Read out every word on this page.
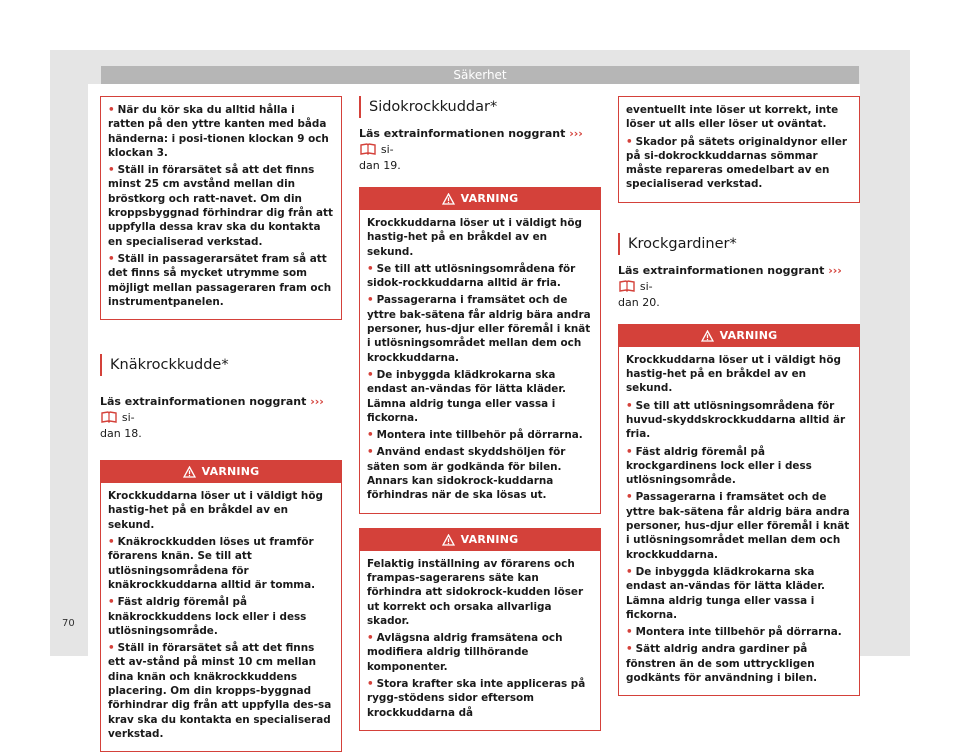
Säkerhet
• När du kör ska du alltid hålla i ratten på den yttre kanten med båda händerna: i posi-tionen klockan 9 och klockan 3.
• Ställ in förarsätet så att det finns minst 25 cm avstånd mellan din bröstkorg och ratt-navet. Om din kroppsbyggnad förhindrar dig från att uppfylla dessa krav ska du kontakta en specialiserad verkstad.
• Ställ in passagerarsätet fram så att det finns så mycket utrymme som möjligt mellan passageraren fram och instrumentpanelen.
Knäkrockkudde*
Läs extrainformationen noggrant ›››  si-
dan 18.
VARNING
Krockkuddarna löser ut i väldigt hög hastig-het på en bråkdel av en sekund.
• Knäkrockkudden löses ut framför förarens knän. Se till att utlösningsområdena för knäkrockkuddarna alltid är tomma.
• Fäst aldrig föremål på knäkrockkuddens lock eller i dess utlösningsområde.
• Ställ in förarsätet så att det finns ett av-stånd på minst 10 cm mellan dina knän och knäkrockkuddens placering. Om din kropps-byggnad förhindrar dig från att uppfylla des-sa krav ska du kontakta en specialiserad verkstad.
Sidokrockkuddar*
Läs extrainformationen noggrant ›››  si-
dan 19.
VARNING
Krockkuddarna löser ut i väldigt hög hastig-het på en bråkdel av en sekund.
• Se till att utlösningsområdena för sidok-rockkuddarna alltid är fria.
• Passagerarna i framsätet och de yttre bak-sätena får aldrig bära andra personer, hus-djur eller föremål i knät i utlösningsområdet mellan dem och krockkuddarna.
• De inbyggda klädkrokarna ska endast an-vändas för lätta kläder. Lämna aldrig tunga eller vassa i fickorna.
• Montera inte tillbehör på dörrarna.
• Använd endast skyddshöljen för säten som är godkända för bilen. Annars kan sidokrock-kuddarna förhindras när de ska lösas ut.
VARNING
Felaktig inställning av förarens och frampas-sagerarens säte kan förhindra att sidokrock-kudden löser ut korrekt och orsaka allvarliga skador.
• Avlägsna aldrig framsätena och modifiera aldrig tillhörande komponenter.
• Stora krafter ska inte appliceras på rygg-stödens sidor eftersom krockkuddarna då
eventuellt inte löser ut korrekt, inte löser ut alls eller löser ut oväntat.
• Skador på sätets originaldynor eller på si-dokrockkuddarnas sömmar måste repareras omedelbart av en specialiserad verkstad.
Krockgardiner*
Läs extrainformationen noggrant ›››  si-
dan 20.
VARNING
Krockkuddarna löser ut i väldigt hög hastig-het på en bråkdel av en sekund.
• Se till att utlösningsområdena för huvud-skyddskrockkuddarna alltid är fria.
• Fäst aldrig föremål på krockgardinens lock eller i dess utlösningsområde.
• Passagerarna i framsätet och de yttre bak-sätena får aldrig bära andra personer, hus-djur eller föremål i knät i utlösningsområdet mellan dem och krockkuddarna.
• De inbyggda klädkrokarna ska endast an-vändas för lätta kläder. Lämna aldrig tunga eller vassa i fickorna.
• Montera inte tillbehör på dörrarna.
• Sätt aldrig andra gardiner på fönstren än de som uttryckligen godkänts för användning i bilen.
70
